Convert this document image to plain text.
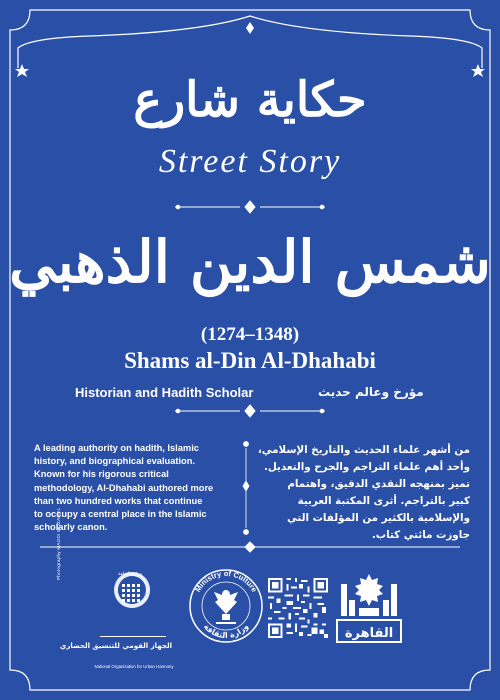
حكاية شارع
Street Story
شمس الدين الذهبي
(1274–1348)
Shams al-Din Al-Dhahabi
Historian and Hadith Scholar	مؤرخ وعالم حديث
A leading authority on hadith, Islamic
history, and biographical evaluation.
Known for his rigorous critical
methodology, Al-Dhahabi authored more
than two hundred works that continue
to occupy a central place in the Islamic
scholarly canon.
من أشهر علماء الحديث والتاريخ الإسلامي،
وأحد أهم علماء التراجم والجرح والتعديل.
تميز بمنهجه النقدي الدقيق، واهتمام
كبير بالتراجم. أثرى المكتبة العربية
والإسلامية بالكثير من المؤلفات التي
جاوزت مائتي كتاب.
Photography MAGDI MOZAMEL
الجهاز القومي للتنسيق الحضاري
National Organization for Urban Harmony
وزارة الثقافة
Ministry of Culture
وزارة الثقافة	القاهرة
